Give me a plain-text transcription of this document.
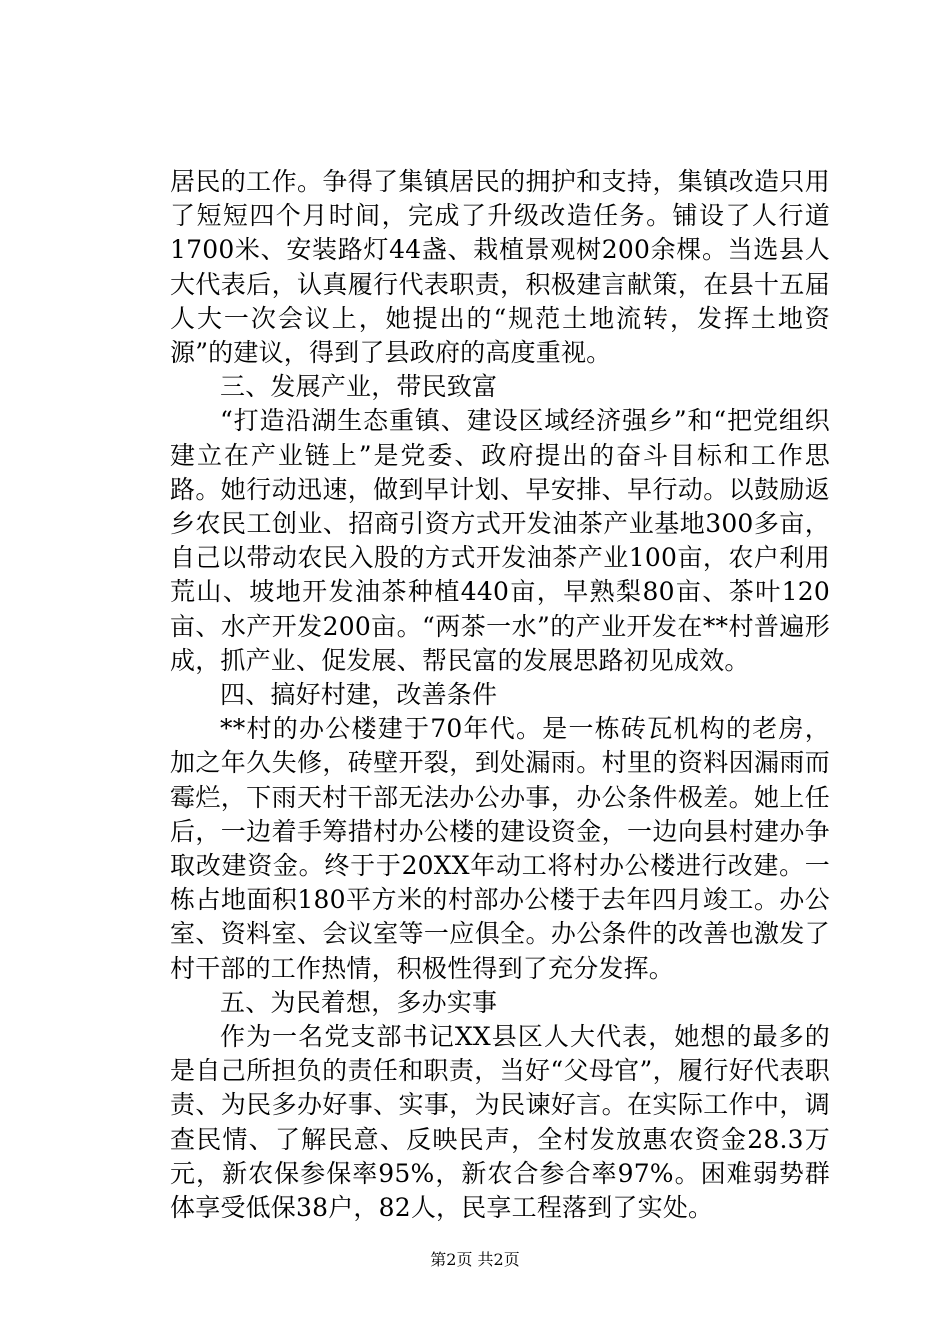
居民的工作。争得了集镇居民的拥护和支持，集镇改造只用了短短四个月时间，完成了升级改造任务。铺设了人行道1700米、安装路灯44盏、栽植景观树200余棵。当选县人大代表后，认真履行代表职责，积极建言献策，在县十五届人大一次会议上，她提出的“规范土地流转，发挥土地资源”的建议，得到了县政府的高度重视。

三、发展产业，带民致富

“打造沿湖生态重镇、建设区域经济强乡”和“把党组织建立在产业链上”是党委、政府提出的奋斗目标和工作思路。她行动迅速，做到早计划、早安排、早行动。以鼓励返乡农民工创业、招商引资方式开发油茶产业基地300多亩，自己以带动农民入股的方式开发油茶产业100亩，农户利用荒山、坡地开发油茶种植440亩，早熟梨80亩、茶叶120亩、水产开发200亩。“两茶一水”的产业开发在**村普遍形成，抓产业、促发展、帮民富的发展思路初见成效。

四、搞好村建，改善条件

**村的办公楼建于70年代。是一栋砖瓦机构的老房，加之年久失修，砖壁开裂，到处漏雨。村里的资料因漏雨而霉烂，下雨天村干部无法办公办事，办公条件极差。她上任后，一边着手筹措村办公楼的建设资金，一边向县村建办争取改建资金。终于于20XX年动工将村办公楼进行改建。一栋占地面积180平方米的村部办公楼于去年四月竣工。办公室、资料室、会议室等一应俱全。办公条件的改善也激发了村干部的工作热情，积极性得到了充分发挥。

五、为民着想，多办实事

作为一名党支部书记XX县区人大代表，她想的最多的是自己所担负的责任和职责，当好“父母官”，履行好代表职责、为民多办好事、实事，为民谏好言。在实际工作中，调查民情、了解民意、反映民声，全村发放惠农资金28.3万元，新农保参保率95%，新农合参合率97%。困难弱势群体享受低保38户，82人，民享工程落到了实处。

第2页 共2页
